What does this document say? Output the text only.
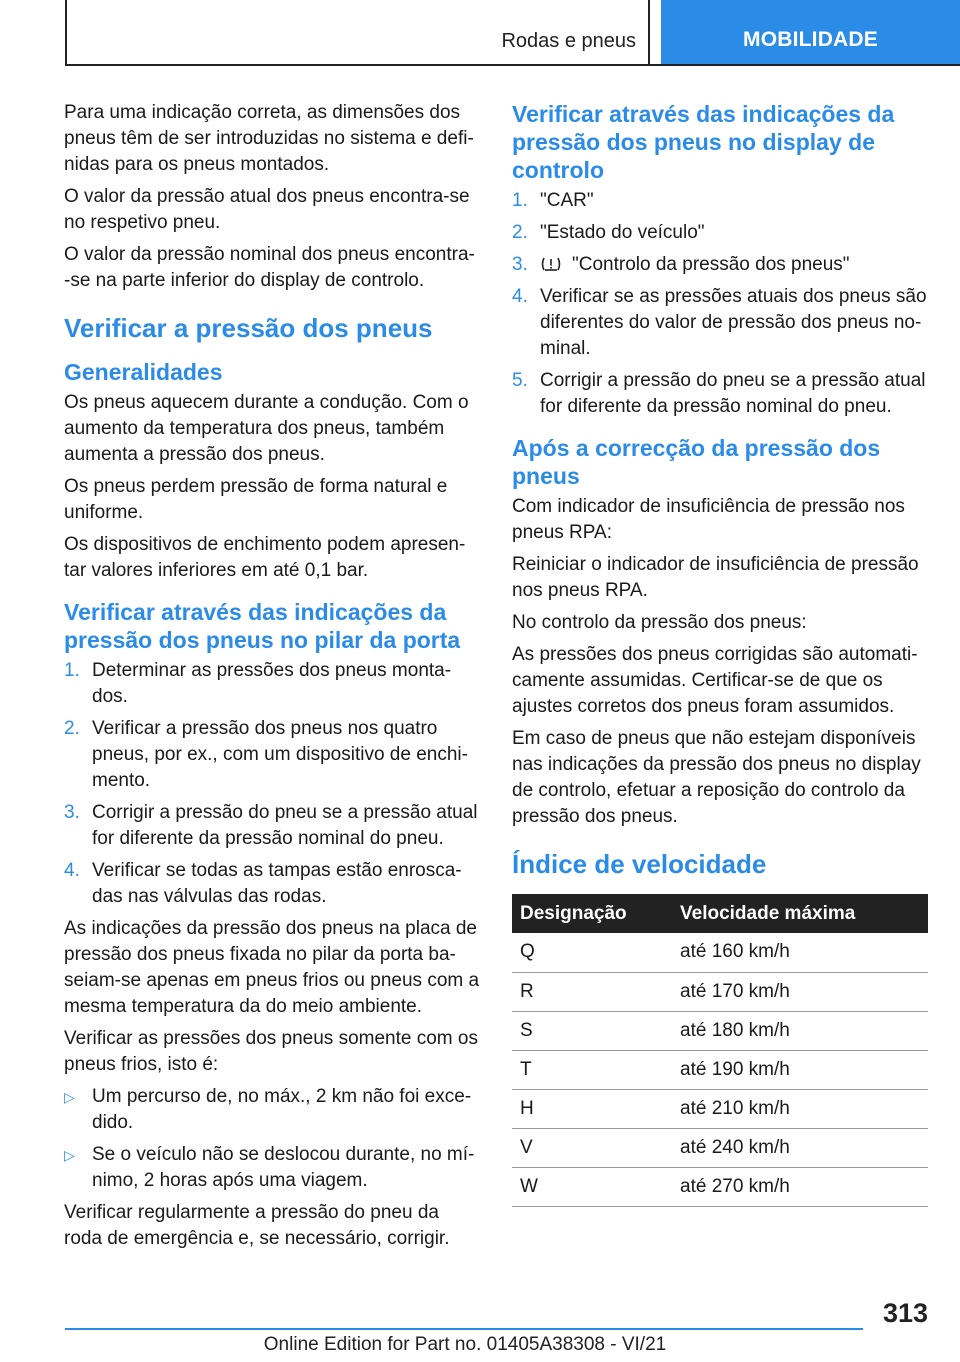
Rodas e pneus	MOBILIDADE

Para uma indicação correta, as dimensões dos pneus têm de ser introduzidas no sistema e defi-nidas para os pneus montados.

O valor da pressão atual dos pneus encontra-se no respetivo pneu.

O valor da pressão nominal dos pneus encontra--se na parte inferior do display de controlo.

Verificar a pressão dos pneus
Generalidades

Os pneus aquecem durante a condução. Com o aumento da temperatura dos pneus, também aumenta a pressão dos pneus.

Os pneus perdem pressão de forma natural e uniforme.

Os dispositivos de enchimento podem apresen-tar valores inferiores em até 0,1 bar.

Verificar através das indicações da pressão dos pneus no pilar da porta
1. Determinar as pressões dos pneus monta-dos.
2. Verificar a pressão dos pneus nos quatro pneus, por ex., com um dispositivo de enchi-mento.
3. Corrigir a pressão do pneu se a pressão atual for diferente da pressão nominal do pneu.
4. Verificar se todas as tampas estão enrosca-das nas válvulas das rodas.

As indicações da pressão dos pneus na placa de pressão dos pneus fixada no pilar da porta ba-seiam-se apenas em pneus frios ou pneus com a mesma temperatura da do meio ambiente.

Verificar as pressões dos pneus somente com os pneus frios, isto é:

▷ Um percurso de, no máx., 2 km não foi exce-dido.
▷ Se o veículo não se deslocou durante, no mí-nimo, 2 horas após uma viagem.

Verificar regularmente a pressão do pneu da roda de emergência e, se necessário, corrigir.

Verificar através das indicações da pressão dos pneus no display de controlo
1. "CAR"
2. "Estado do veículo"
3.	"Controlo da pressão dos pneus"
4. Verificar se as pressões atuais dos pneus são diferentes do valor de pressão dos pneus no-minal.
5. Corrigir a pressão do pneu se a pressão atual for diferente da pressão nominal do pneu.
Após a correcção da pressão dos pneus

Com indicador de insuficiência de pressão nos pneus RPA:

Reiniciar o indicador de insuficiência de pressão nos pneus RPA.

No controlo da pressão dos pneus:

As pressões dos pneus corrigidas são automati-camente assumidas. Certificar-se de que os ajustes corretos dos pneus foram assumidos.

Em caso de pneus que não estejam disponíveis nas indicações da pressão dos pneus no display de controlo, efetuar a reposição do controlo da pressão dos pneus.

Índice de velocidade
Designação	Velocidade máxima
Q	até 160 km/h
R	até 170 km/h
S	até 180 km/h
T	até 190 km/h
H	até 210 km/h
V	até 240 km/h
W	até 270 km/h
313
Online Edition for Part no. 01405A38308 - VI/21
